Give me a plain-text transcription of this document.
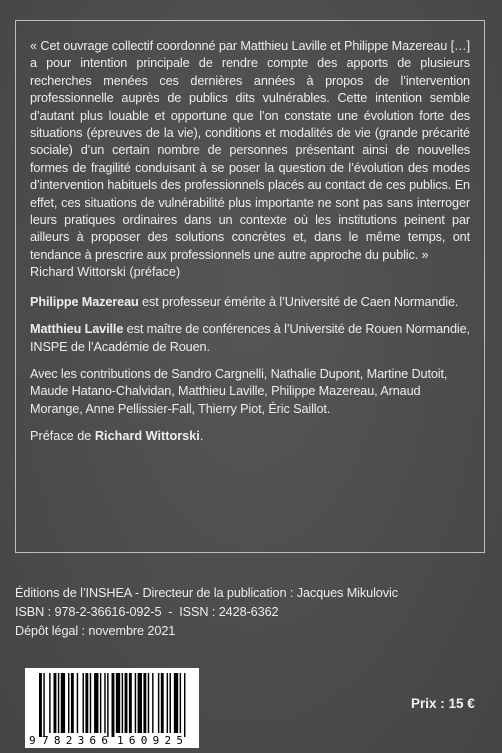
« Cet ouvrage collectif coordonné par Matthieu Laville et Philippe Mazereau […] a pour intention principale de rendre compte des apports de plusieurs recherches menées ces dernières années à propos de l’intervention professionnelle auprès de publics dits vulnérables. Cette intention semble d’autant plus louable et opportune que l’on constate une évolution forte des situations (épreuves de la vie), conditions et modalités de vie (grande précarité sociale) d’un certain nombre de personnes présentant ainsi de nouvelles formes de fragilité conduisant à se poser la question de l’évolution des modes d’intervention habituels des professionnels placés au contact de ces publics. En effet, ces situations de vulnérabilité plus importante ne sont pas sans interroger leurs pratiques ordinaires dans un contexte où les institutions peinent par ailleurs à proposer des solutions concrètes et, dans le même temps, ont tendance à prescrire aux professionnels une autre approche du public. »

Richard Wittorski (préface)

Philippe Mazereau est professeur émérite à l’Université de Caen Normandie.

Matthieu Laville est maître de conférences à l’Université de Rouen Normandie, INSPE de l’Académie de Rouen.

Avec les contributions de Sandro Cargnelli, Nathalie Dupont, Martine Dutoit, Maude Hatano-Chalvidan, Matthieu Laville, Philippe Mazereau, Arnaud Morange, Anne Pellissier-Fall, Thierry Piot, Éric Saillot.

Préface de Richard Wittorski.

Éditions de l’INSHEA - Directeur de la publication : Jacques Mikulovic
ISBN : 978-2-36616-092-5  -  ISSN : 2428-6362
Dépôt légal : novembre 2021
9 782366 160925
Prix : 15 €
